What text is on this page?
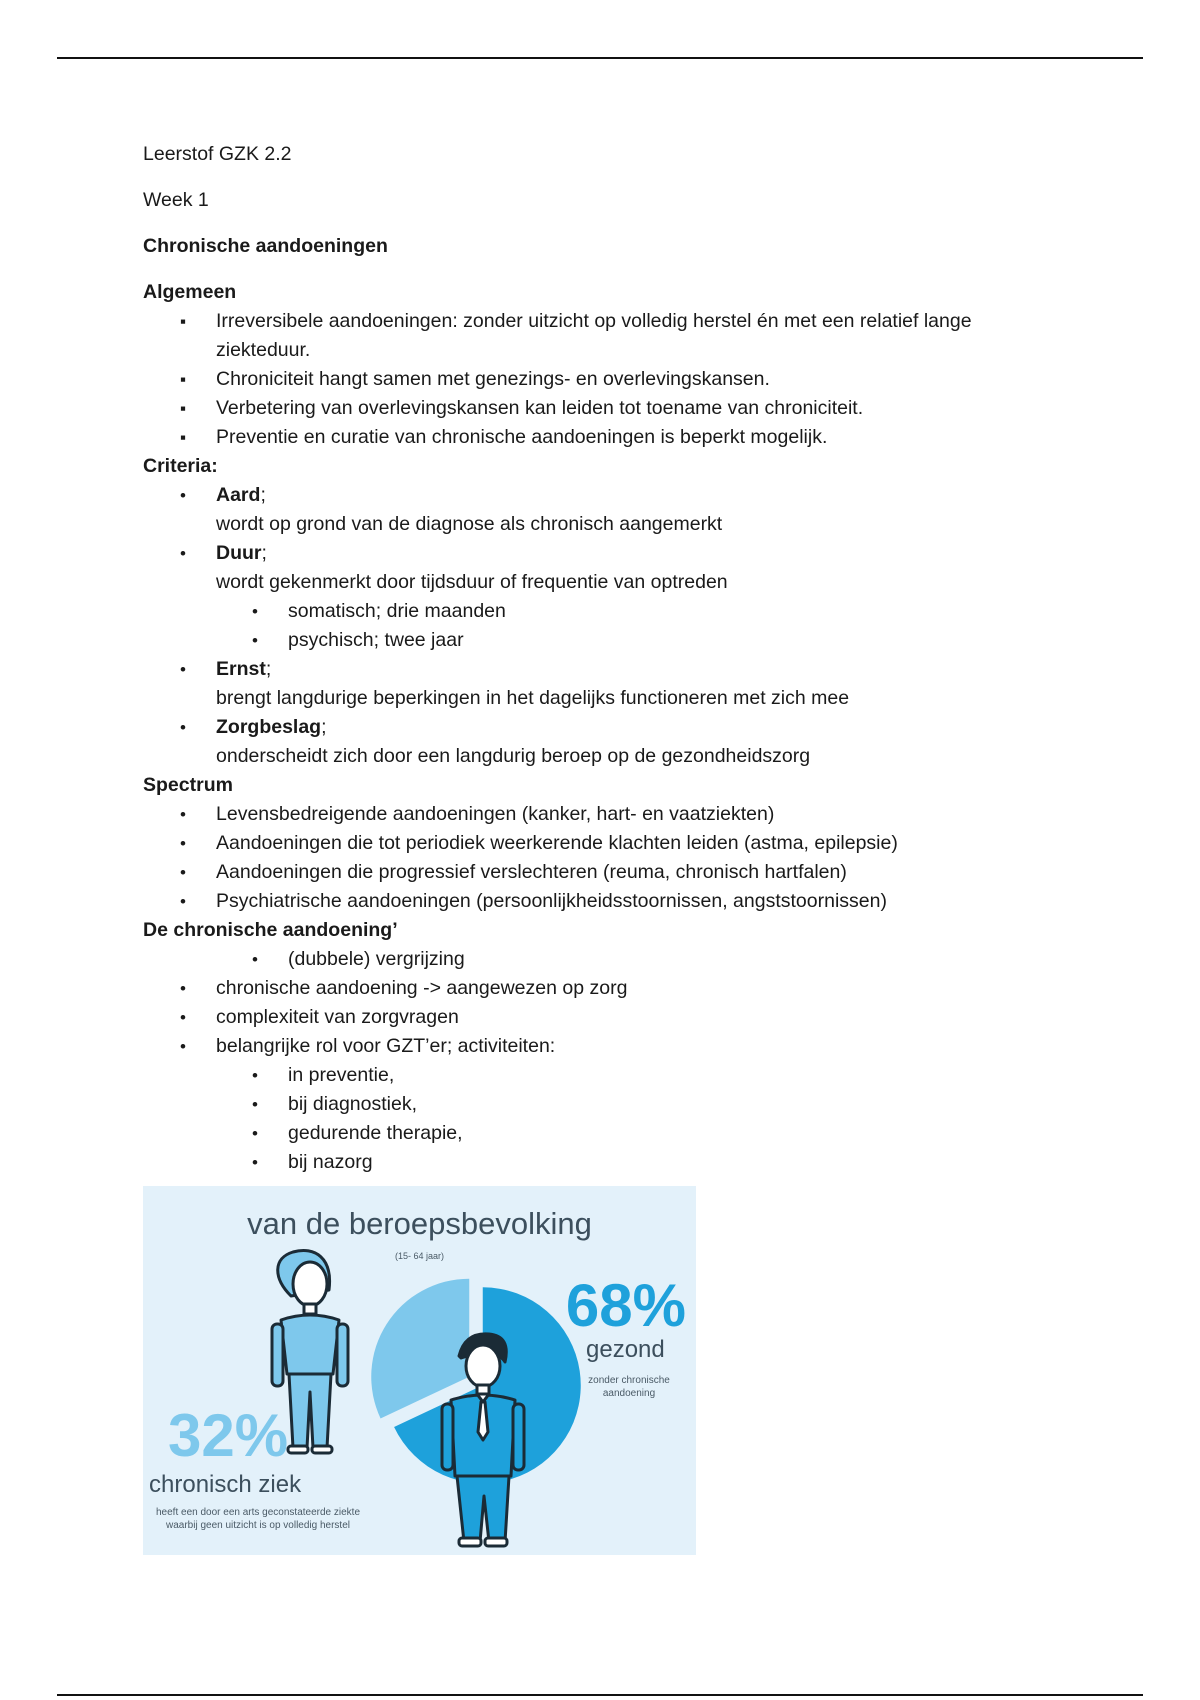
Leerstof GZK 2.2

Week 1

Chronische aandoeningen

Algemeen

▪ Irreversibele aandoeningen: zonder uitzicht op volledig herstel én met een relatief lange ziekteduur.
▪ Chroniciteit hangt samen met genezings- en overlevingskansen.
▪ Verbetering van overlevingskansen kan leiden tot toename van chroniciteit.
▪ Preventie en curatie van chronische aandoeningen is beperkt mogelijk.

Criteria:

• Aard;
wordt op grond van de diagnose als chronisch aangemerkt
• Duur;
wordt gekenmerkt door tijdsduur of frequentie van optreden
• somatisch; drie maanden
• psychisch; twee jaar
• Ernst;
brengt langdurige beperkingen in het dagelijks functioneren met zich mee
• Zorgbeslag;
onderscheidt zich door een langdurig beroep op de gezondheidszorg

Spectrum

• Levensbedreigende aandoeningen (kanker, hart- en vaatziekten)
• Aandoeningen die tot periodiek weerkerende klachten leiden (astma, epilepsie)
• Aandoeningen die progressief verslechteren (reuma, chronisch hartfalen)
• Psychiatrische aandoeningen (persoonlijkheidsstoornissen, angststoornissen)

De chronische aandoening’

• (dubbele) vergrijzing
• chronische aandoening -> aangewezen op zorg
• complexiteit van zorgvragen
• belangrijke rol voor GZT’er; activiteiten:
• in preventie,
• bij diagnostiek,
• gedurende therapie,
• bij nazorg
van de beroepsbevolking
(15- 64 jaar)
68%
gezond
zonder chronische aandoening
32%
chronisch ziek
heeft een door een arts geconstateerde ziekte waarbij geen uitzicht is op volledig herstel
